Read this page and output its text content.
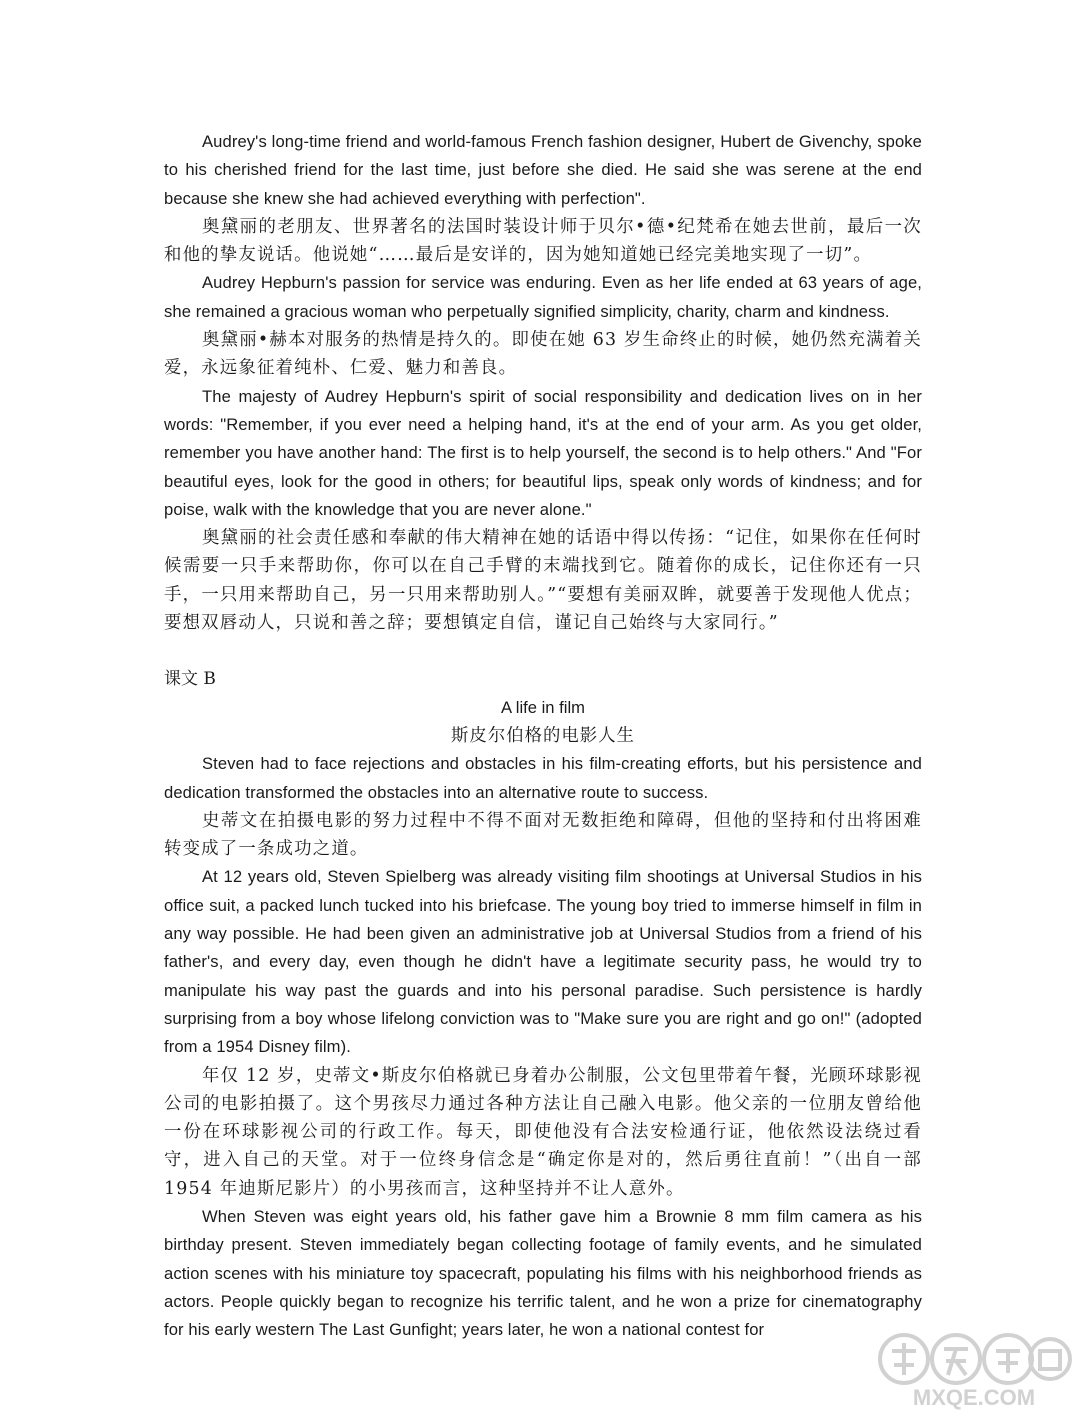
Audrey's long-time friend and world-famous French fashion designer, Hubert de Givenchy, spoke to his cherished friend for the last time, just before she died. He said she was serene at the end because she knew she had achieved everything with perfection".

奥黛丽的老朋友、世界著名的法国时装设计师于贝尔•德•纪梵希在她去世前，最后一次和他的挚友说话。他说她“……最后是安详的，因为她知道她已经完美地实现了一切”。

Audrey Hepburn's passion for service was enduring. Even as her life ended at 63 years of age, she remained a gracious woman who perpetually signified simplicity, charity, charm and kindness.

奥黛丽•赫本对服务的热情是持久的。即使在她 63 岁生命终止的时候，她仍然充满着关爱，永远象征着纯朴、仁爱、魅力和善良。

The majesty of Audrey Hepburn's spirit of social responsibility and dedication lives on in her words: "Remember, if you ever need a helping hand, it's at the end of your arm. As you get older, remember you have another hand: The first is to help yourself, the second is to help others." And "For beautiful eyes, look for the good in others; for beautiful lips, speak only words of kindness; and for poise, walk with the knowledge that you are never alone."

奥黛丽的社会责任感和奉献的伟大精神在她的话语中得以传扬：“记住，如果你在任何时候需要一只手来帮助你，你可以在自己手臂的末端找到它。随着你的成长，记住你还有一只手，一只用来帮助自己，另一只用来帮助别人。”“要想有美丽双眸，就要善于发现他人优点；要想双唇动人，只说和善之辞；要想镇定自信，谨记自己始终与大家同行。”

课文 B

A life in film

斯皮尔伯格的电影人生

Steven had to face rejections and obstacles in his film-creating efforts, but his persistence and dedication transformed the obstacles into an alternative route to success.

史蒂文在拍摄电影的努力过程中不得不面对无数拒绝和障碍，但他的坚持和付出将困难转变成了一条成功之道。

At 12 years old, Steven Spielberg was already visiting film shootings at Universal Studios in his office suit, a packed lunch tucked into his briefcase. The young boy tried to immerse himself in film in any way possible. He had been given an administrative job at Universal Studios from a friend of his father's, and every day, even though he didn't have a legitimate security pass, he would try to manipulate his way past the guards and into his personal paradise. Such persistence is hardly surprising from a boy whose lifelong conviction was to "Make sure you are right and go on!" (adopted from a 1954 Disney film).

年仅 12 岁，史蒂文•斯皮尔伯格就已身着办公制服，公文包里带着午餐，光顾环球影视公司的电影拍摄了。这个男孩尽力通过各种方法让自己融入电影。他父亲的一位朋友曾给他一份在环球影视公司的行政工作。每天，即使他没有合法安检通行证，他依然设法绕过看守，进入自己的天堂。对于一位终身信念是“确定你是对的，然后勇往直前！”（出自一部 1954 年迪斯尼影片）的小男孩而言，这种坚持并不让人意外。

When Steven was eight years old, his father gave him a Brownie 8 mm film camera as his birthday present. Steven immediately began collecting footage of family events, and he simulated action scenes with his miniature toy spacecraft, populating his films with his neighborhood friends as actors. People quickly began to recognize his terrific talent, and he won a prize for cinematography for his early western The Last Gunfight; years later, he won a national contest for

MXQE.COM
